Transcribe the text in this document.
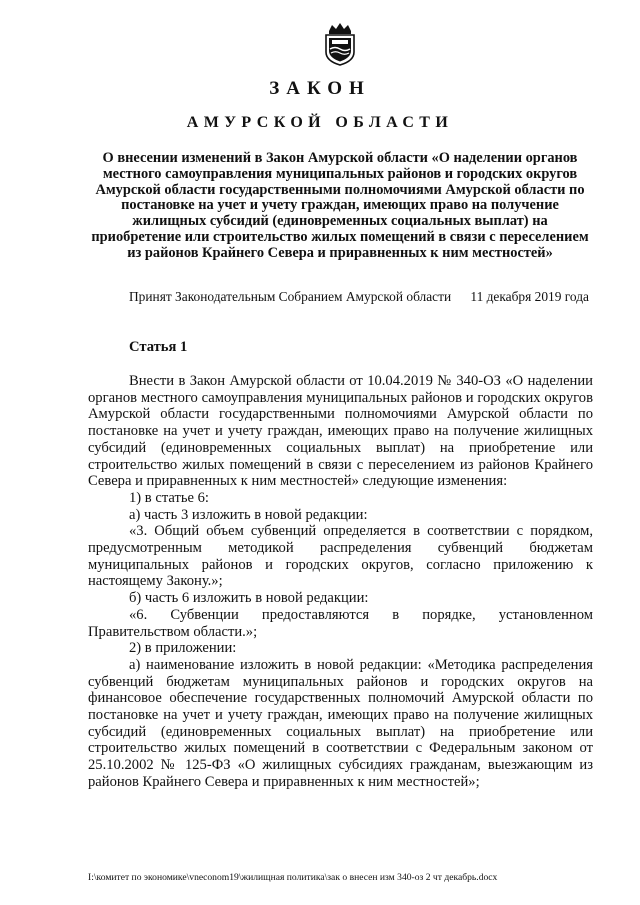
ЗАКОН
АМУРСКОЙ ОБЛАСТИ
О внесении изменений в Закон Амурской области «О наделении органов местного самоуправления муниципальных районов и городских округов Амурской области государственными полномочиями Амурской области по постановке на учет и учету граждан, имеющих право на получение жилищных субсидий (единовременных социальных выплат) на приобретение или строительство жилых помещений в связи с переселением из районов Крайнего Севера и приравненных к ним местностей»
Принят Законодательным Собранием Амурской области 11 декабря 2019 года
Статья 1

Внести в Закон Амурской области от 10.04.2019 № 340-ОЗ «О наделении органов местного самоуправления муниципальных районов и городских округов Амурской области государственными полномочиями Амурской области по постановке на учет и учету граждан, имеющих право на получение жилищных субсидий (единовременных социальных выплат) на приобретение или строительство жилых помещений в связи с переселением из районов Крайнего Севера и приравненных к ним местностей» следующие изменения:

1) в статье 6:

а) часть 3 изложить в новой редакции:

«3. Общий объем субвенций определяется в соответствии с порядком, предусмотренным методикой распределения субвенций бюджетам муниципальных районов и городских округов, согласно приложению к настоящему Закону.»;

б) часть 6 изложить в новой редакции:

«6. Субвенции предоставляются в порядке, установленном Правительством области.»;

2) в приложении:

а) наименование изложить в новой редакции: «Методика распределения субвенций бюджетам муниципальных районов и городских округов на финансовое обеспечение государственных полномочий Амурской области по постановке на учет и учету граждан, имеющих право на получение жилищных субсидий (единовременных социальных выплат) на приобретение или строительство жилых помещений в соответствии с Федеральным законом от 25.10.2002 № 125-ФЗ «О жилищных субсидиях гражданам, выезжающим из районов Крайнего Севера и приравненных к ним местностей»;

I:\комитет по экономике\vneconom19\жилищная политика\зак о внесен изм 340-оз 2 чт декабрь.docx
